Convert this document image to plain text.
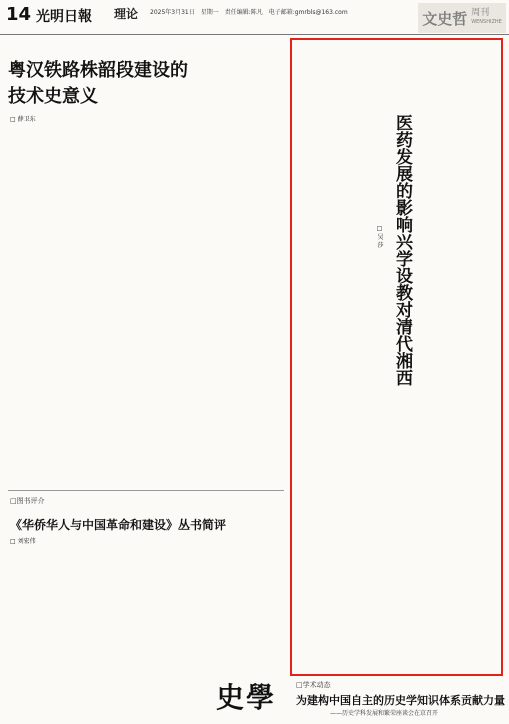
14 光明日報 理论 2025年3月31日　星期一　责任编辑:陈凡　电子邮箱:gmrbls@163.com	文史哲 周刊
WENSHIZHE
粤汉铁路株韶段建设的
技术史意义
□ 薛卫东	医药发展的影响兴学设教对清代湘西
□ 吴 莎
□图书评介
《华侨华人与中国革命和建设》丛书简评
□ 刘宏伟
□学术动态
为建构中国自主的历史学知识体系贡献力量
——历史学科发展和繁荣座谈会在京召开
史學
